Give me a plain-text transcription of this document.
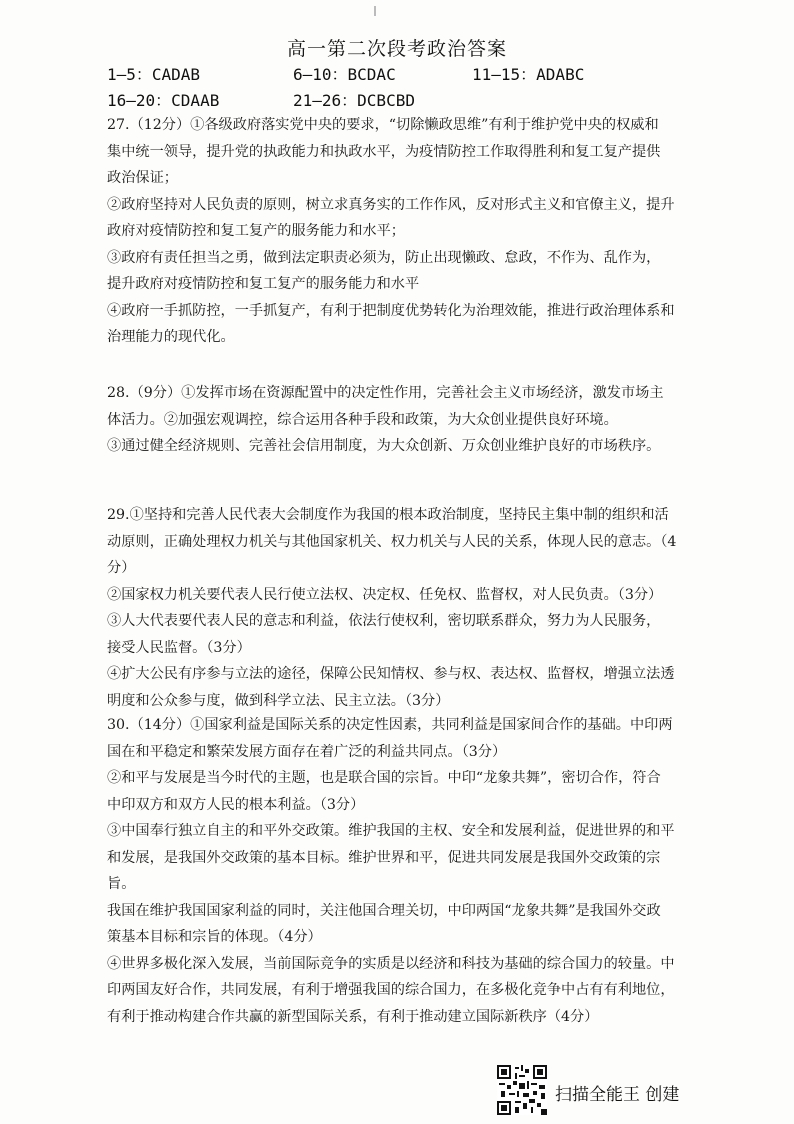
高一第二次段考政治答案
1—5：CADAB	6—10：BCDAC	11—15：ADABC
16—20：CDAAB	21—26：DCBCBD

27.（12分）①各级政府落实党中央的要求，“切除懒政思维”有利于维护党中央的权威和

集中统一领导，提升党的执政能力和执政水平，为疫情防控工作取得胜利和复工复产提供

政治保证；

②政府坚持对人民负责的原则，树立求真务实的工作作风，反对形式主义和官僚主义，提升

政府对疫情防控和复工复产的服务能力和水平；

③政府有责任担当之勇，做到法定职责必须为，防止出现懒政、怠政，不作为、乱作为，

提升政府对疫情防控和复工复产的服务能力和水平

④政府一手抓防控，一手抓复产，有利于把制度优势转化为治理效能，推进行政治理体系和

治理能力的现代化。

28.（9分）①发挥市场在资源配置中的决定性作用，完善社会主义市场经济，激发市场主

体活力。②加强宏观调控，综合运用各种手段和政策，为大众创业提供良好环境。

③通过健全经济规则、完善社会信用制度，为大众创新、万众创业维护良好的市场秩序。

29.①坚持和完善人民代表大会制度作为我国的根本政治制度，坚持民主集中制的组织和活

动原则，正确处理权力机关与其他国家机关、权力机关与人民的关系，体现人民的意志。（4分）

②国家权力机关要代表人民行使立法权、决定权、任免权、监督权，对人民负责。（3分）

③人大代表要代表人民的意志和利益，依法行使权利，密切联系群众，努力为人民服务，

接受人民监督。（3分）

④扩大公民有序参与立法的途径，保障公民知情权、参与权、表达权、监督权，增强立法透

明度和公众参与度，做到科学立法、民主立法。（3分）

30.（14分）①国家利益是国际关系的决定性因素，共同利益是国家间合作的基础。中印两

国在和平稳定和繁荣发展方面存在着广泛的利益共同点。（3分）

②和平与发展是当今时代的主题，也是联合国的宗旨。中印“龙象共舞”，密切合作，符合

中印双方和双方人民的根本利益。（3分）

③中国奉行独立自主的和平外交政策。维护我国的主权、安全和发展利益，促进世界的和平

和发展，是我国外交政策的基本目标。维护世界和平，促进共同发展是我国外交政策的宗旨。

我国在维护我国国家利益的同时，关注他国合理关切，中印两国“龙象共舞”是我国外交政

策基本目标和宗旨的体现。（4分）

④世界多极化深入发展，当前国际竞争的实质是以经济和科技为基础的综合国力的较量。中

印两国友好合作，共同发展，有利于增强我国的综合国力，在多极化竞争中占有有利地位，

有利于推动构建合作共赢的新型国际关系，有利于推动建立国际新秩序（4分）

扫描全能王 创建
